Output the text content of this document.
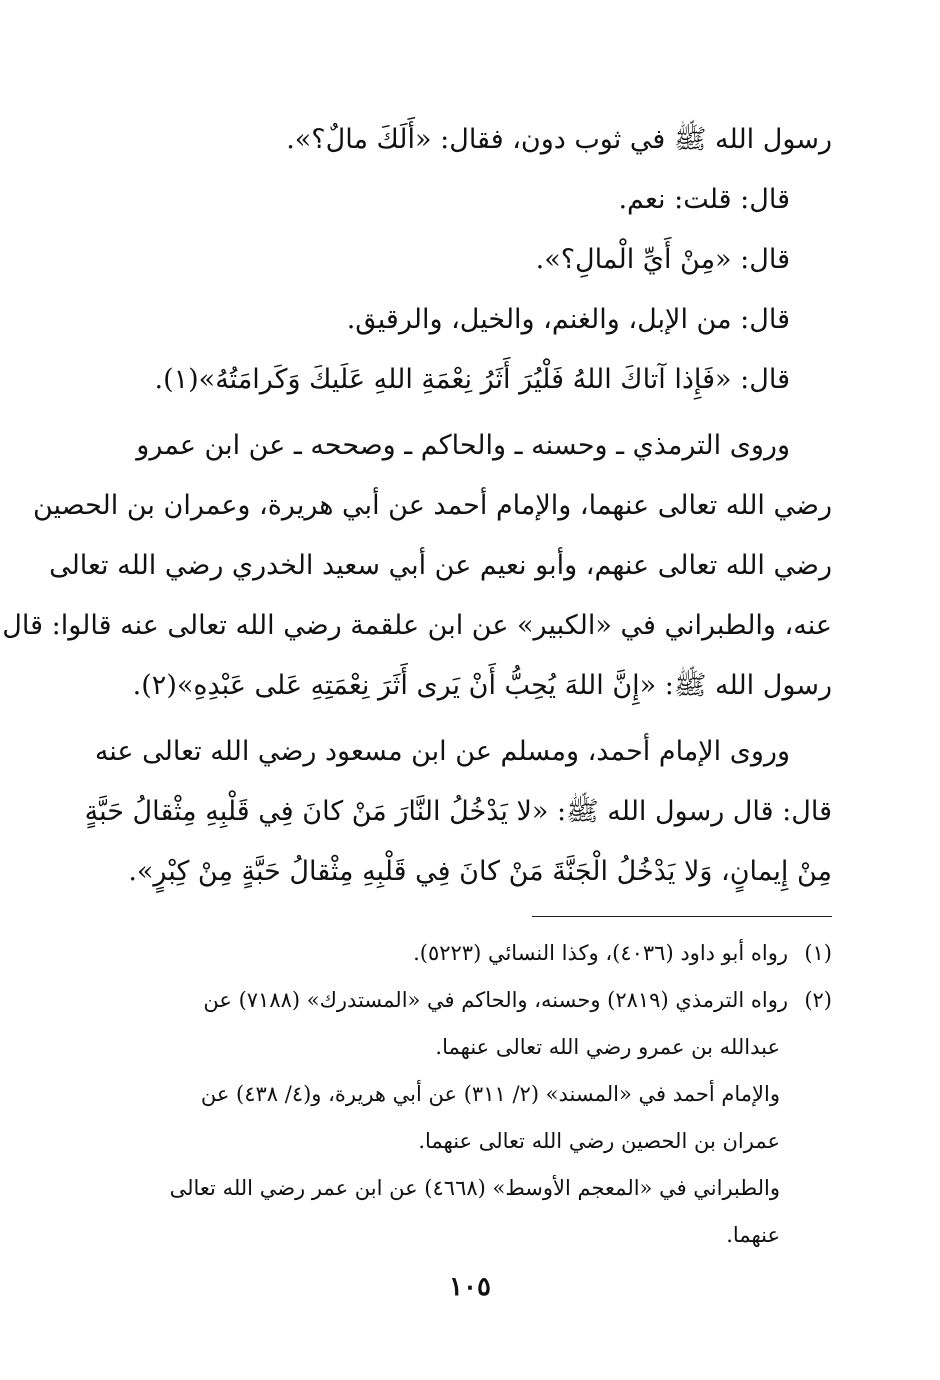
رسول الله ﷺ في ثوب دون، فقال: «أَلَكَ مالٌ؟».
قال: قلت: نعم.
قال: «مِنْ أَيِّ الْمالِ؟».
قال: من الإبل، والغنم، والخيل، والرقيق.
قال: «فَإِذا آتاكَ اللهُ فَلْيُرَ أَثَرُ نِعْمَةِ اللهِ عَلَيكَ وَكَرامَتُهُ»(١).
وروى الترمذي ـ وحسنه ـ والحاكم ـ وصححه ـ عن ابن عمرو
رضي الله تعالى عنهما، والإمام أحمد عن أبي هريرة، وعمران بن الحصين
رضي الله تعالى عنهم، وأبو نعيم عن أبي سعيد الخدري رضي الله تعالى
عنه، والطبراني في «الكبير» عن ابن علقمة رضي الله تعالى عنه قالوا: قال
رسول الله ﷺ: «إِنَّ اللهَ يُحِبُّ أَنْ يَرى أَثَرَ نِعْمَتِهِ عَلى عَبْدِهِ»(٢).
وروى الإمام أحمد، ومسلم عن ابن مسعود رضي الله تعالى عنه
قال: قال رسول الله ﷺ: «لا يَدْخُلُ النَّارَ مَنْ كانَ فِي قَلْبِهِ مِثْقالُ حَبَّةٍ
مِنْ إِيمانٍ، وَلا يَدْخُلُ الْجَنَّةَ مَنْ كانَ فِي قَلْبِهِ مِثْقالُ حَبَّةٍ مِنْ كِبْرٍ».
(١)رواه أبو داود (٤٠٣٦)، وكذا النسائي (٥٢٢٣).
(٢)رواه الترمذي (٢٨١٩) وحسنه، والحاكم في «المستدرك» (٧١٨٨) عن
عبدالله بن عمرو رضي الله تعالى عنهما.
والإمام أحمد في «المسند» (٢/ ٣١١) عن أبي هريرة، و(٤/ ٤٣٨) عن
عمران بن الحصين رضي الله تعالى عنهما.
والطبراني في «المعجم الأوسط» (٤٦٦٨) عن ابن عمر رضي الله تعالى
عنهما.
١٠٥
